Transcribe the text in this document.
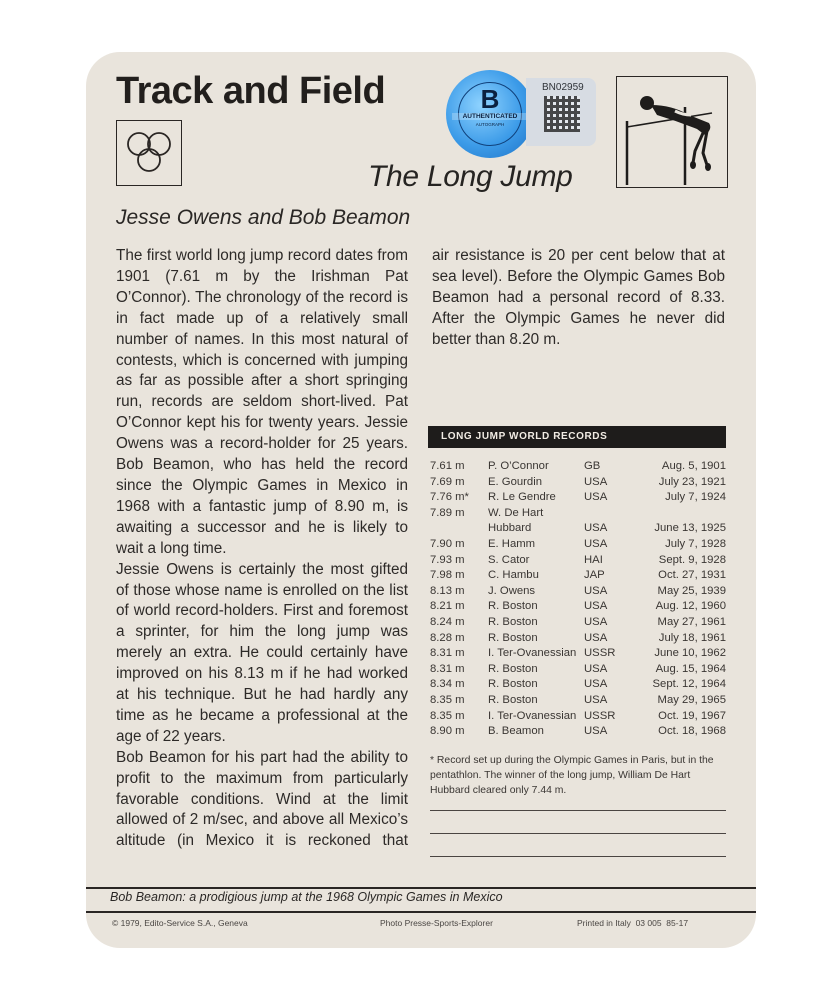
Track and Field	B
AUTHENTICATED
AUTOGRAPH
BN02959
The Long Jump
Jesse Owens and Bob Beamon

The first world long jump record dates from 1901 (7.61 m by the Irishman Pat O’Connor). The chronology of the record is in fact made up of a relatively small number of names. In this most natural of contests, which is concerned with jumping as far as possible after a short springing run, records are seldom short-lived. Pat O’Connor kept his for twenty years. Jessie Owens was a record-holder for 25 years. Bob Beamon, who has held the record since the Olympic Games in Mexico in 1968 with a fantastic jump of 8.90 m, is awaiting a successor and he is likely to wait a long time.

Jessie Owens is certainly the most gifted of those whose name is enrolled on the list of world record-holders. First and foremost a sprinter, for him the long jump was merely an extra. He could certainly have improved on his 8.13 m if he had worked at his technique. But he had hardly any time as he became a professional at the age of 22 years.

Bob Beamon for his part had the ability to profit to the maximum from particularly favorable conditions. Wind at the limit allowed of 2 m/sec, and above all Mexico’s altitude (in Mexico it is reckoned that

air resistance is 20 per cent below that at sea level). Before the Olympic Games Bob Beamon had a personal record of 8.33. After the Olympic Games he never did better than 8.20 m.

LONG JUMP WORLD RECORDS
7.61 m	P. O’Connor	GB	Aug. 5, 1901
7.69 m	E. Gourdin	USA	July 23, 1921
7.76 m*	R. Le Gendre	USA	July 7, 1924
7.89 m	W. De Hart
Hubbard	USA	June 13, 1925
7.90 m	E. Hamm	USA	July 7, 1928
7.93 m	S. Cator	HAI	Sept. 9, 1928
7.98 m	C. Hambu	JAP	Oct. 27, 1931
8.13 m	J. Owens	USA	May 25, 1939
8.21 m	R. Boston	USA	Aug. 12, 1960
8.24 m	R. Boston	USA	May 27, 1961
8.28 m	R. Boston	USA	July 18, 1961
8.31 m	I. Ter-Ovanessian USSR	June 10, 1962
8.31 m	R. Boston	USA	Aug. 15, 1964
8.34 m	R. Boston	USA	Sept. 12, 1964
8.35 m	R. Boston	USA	May 29, 1965
8.35 m	I. Ter-Ovanessian USSR	Oct. 19, 1967
8.90 m	B. Beamon	USA	Oct. 18, 1968
* Record set up during the Olympic Games in Paris, but in the pentathlon. The winner of the long jump, William De Hart Hubbard cleared only 7.44 m.
Bob Beamon: a prodigious jump at the 1968 Olympic Games in Mexico
© 1979, Edito-Service S.A., Geneva	Photo Presse-Sports-Explorer	Printed in Italy  03 005  85-17
